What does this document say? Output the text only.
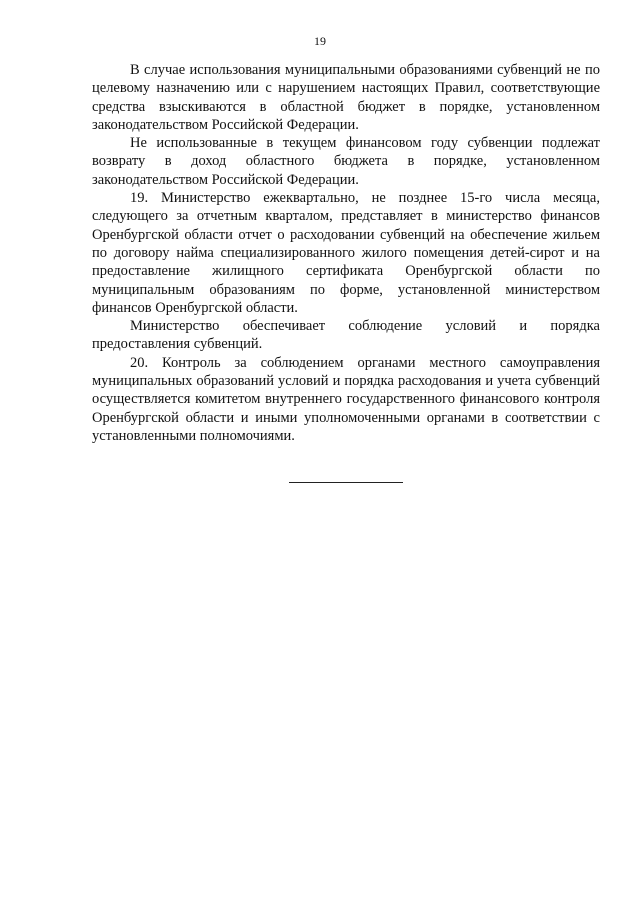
19

В случае использования муниципальными образованиями субвенций не по целевому назначению или с нарушением настоящих Правил, соответствующие средства взыскиваются в областной бюджет в порядке, установленном законодательством Российской Федерации.

Не использованные в текущем финансовом году субвенции подлежат возврату в доход областного бюджета в порядке, установленном законодательством Российской Федерации.

19. Министерство ежеквартально, не позднее 15-го числа месяца, следующего за отчетным кварталом, представляет в министерство финансов Оренбургской области отчет о расходовании субвенций на обеспечение жильем по договору найма специализированного жилого помещения детей-сирот и на предоставление жилищного сертификата Оренбургской области по муниципальным образованиям по форме, установленной министерством финансов Оренбургской области.

Министерство обеспечивает соблюдение условий и порядка предоставления субвенций.

20. Контроль за соблюдением органами местного самоуправления муниципальных образований условий и порядка расходования и учета субвенций осуществляется комитетом внутреннего государственного финансового контроля Оренбургской области и иными уполномоченными органами в соответствии с установленными полномочиями.
